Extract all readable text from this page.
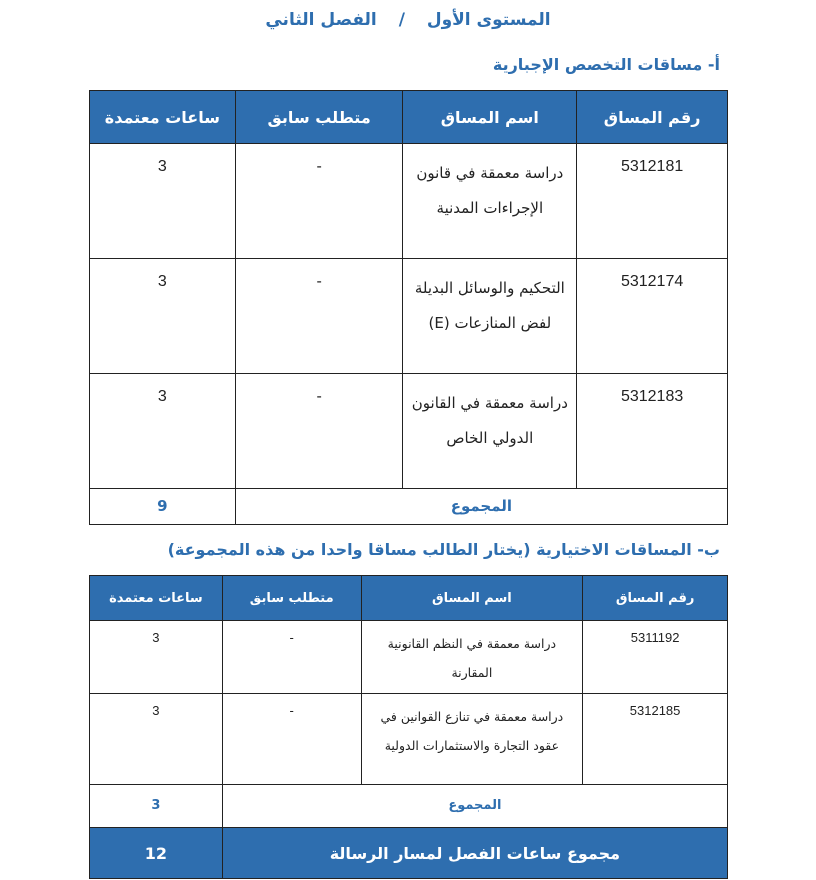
المستوى الأول / الفصل الثاني
أ- مساقات التخصص الإجبارية
رقم المساق	اسم المساق	متطلب سابق	ساعات معتمدة
5312181	دراسة معمقة في قانون الإجراءات المدنية	-	3
5312174	التحكيم والوسائل البديلة لفض المنازعات (E)	-	3
5312183	دراسة معمقة في القانون الدولي الخاص	-	3
المجموع			9
ب- المساقات الاختيارية (يختار الطالب مساقا واحدا من هذه المجموعة)
رقم المساق	اسم المساق	متطلب سابق	ساعات معتمدة
5311192	دراسة معمقة في النظم القانونية المقارنة	-	3
5312185	دراسة معمقة في تنازع القوانين في عقود التجارة والاستثمارات الدولية	-	3
المجموع			3
مجموع ساعات الفصل لمسار الرسالة			12
